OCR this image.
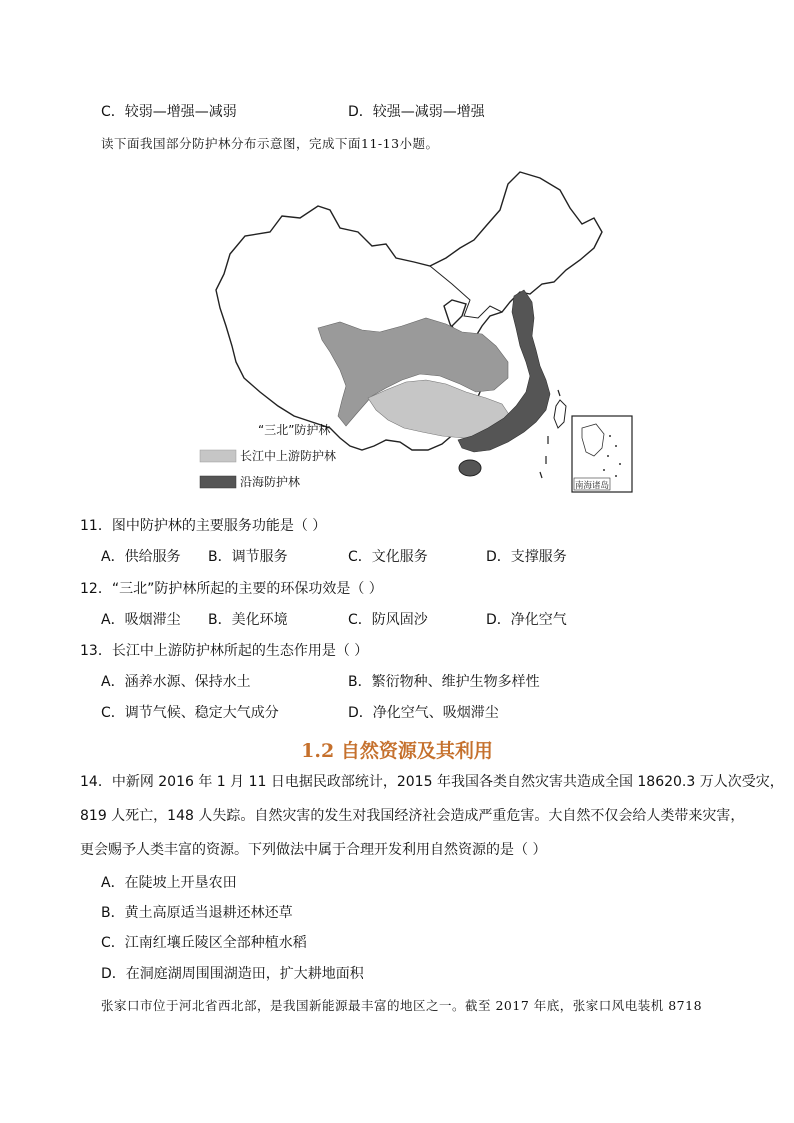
C．较弱—增强—减弱	D．较强—减弱—增强
读下面我国部分防护林分布示意图，完成下面11-13小题。
南海诸岛
“三北”防护林
长江中上游防护林
沿海防护林
11．图中防护林的主要服务功能是（ ）
A．供给服务 B．调节服务	C．文化服务	D．支撑服务
12．“三北”防护林所起的主要的环保功效是（ ）
A．吸烟滞尘 B．美化环境	C．防风固沙	D．净化空气
13．长江中上游防护林所起的生态作用是（ ）
A．涵养水源、保持水土	B．繁衍物种、维护生物多样性
C．调节气候、稳定大气成分	D．净化空气、吸烟滞尘
1.2 自然资源及其利用
14．中新网 2016 年 1 月 11 日电据民政部统计，2015 年我国各类自然灾害共造成全国 18620.3 万人次受灾，
819 人死亡，148 人失踪。自然灾害的发生对我国经济社会造成严重危害。大自然不仅会给人类带来灾害，
更会赐予人类丰富的资源。下列做法中属于合理开发利用自然资源的是（ ）
A．在陡坡上开垦农田
B．黄土高原适当退耕还林还草
C．江南红壤丘陵区全部种植水稻
D．在洞庭湖周围围湖造田，扩大耕地面积
张家口市位于河北省西北部，是我国新能源最丰富的地区之一。截至 2017 年底，张家口风电装机 8718
